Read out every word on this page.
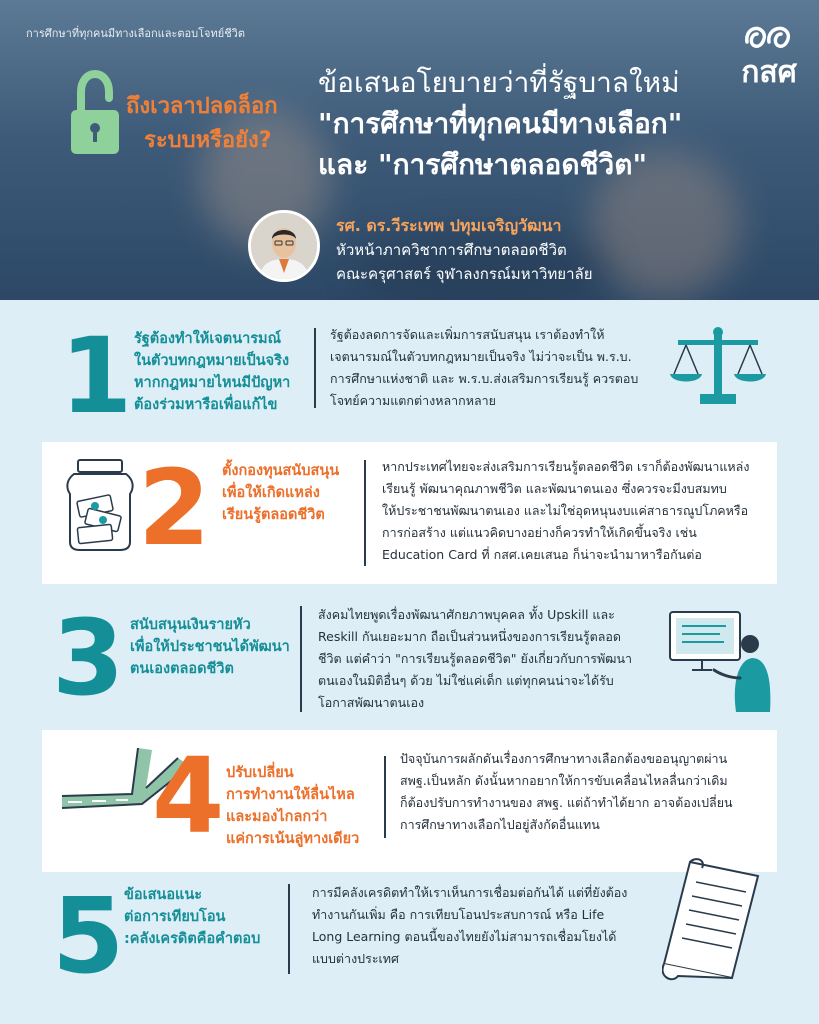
การศึกษาที่ทุกคนมีทางเลือกและตอบโจทย์ชีวิต
กสศ
ถึงเวลาปลดล็อก
ระบบหรือยัง?
ข้อเสนอโยบายว่าที่รัฐบาลใหม่
"การศึกษาที่ทุกคนมีทางเลือก"
และ "การศึกษาตลอดชีวิต"
รศ. ดร.วีระเทพ ปทุมเจริญวัฒนา
หัวหน้าภาควิชาการศึกษาตลอดชีวิต
คณะครุศาสตร์ จุฬาลงกรณ์มหาวิทยาลัย
1 รัฐต้องทำให้เจตนารมณ์
ในตัวบทกฎหมายเป็นจริง
หากกฎหมายไหนมีปัญหา
ต้องร่วมหารือเพื่อแก้ไข
รัฐต้องลดการจัดและเพิ่มการสนับสนุน เราต้องทำให้
เจตนารมณ์ในตัวบทกฎหมายเป็นจริง ไม่ว่าจะเป็น พ.ร.บ.
การศึกษาแห่งชาติ และ พ.ร.บ.ส่งเสริมการเรียนรู้ ควรตอบ
โจทย์ความแตกต่างหลากหลาย
2 ตั้งกองทุนสนับสนุน
เพื่อให้เกิดแหล่ง
เรียนรู้ตลอดชีวิต
หากประเทศไทยจะส่งเสริมการเรียนรู้ตลอดชีวิต เราก็ต้องพัฒนาแหล่ง
เรียนรู้ พัฒนาคุณภาพชีวิต และพัฒนาตนเอง ซึ่งควรจะมีงบสมทบ
ให้ประชาชนพัฒนาตนเอง และไม่ใช่อุดหนุนงบแค่สาธารณูปโภคหรือ
การก่อสร้าง แต่แนวคิดบางอย่างก็ควรทำให้เกิดขึ้นจริง เช่น
Education Card ที่ กสศ.เคยเสนอ ก็น่าจะนำมาหารือกันต่อ
3 สนับสนุนเงินรายหัว
เพื่อให้ประชาชนได้พัฒนา
ตนเองตลอดชีวิต
สังคมไทยพูดเรื่องพัฒนาศักยภาพบุคคล ทั้ง Upskill และ
Reskill กันเยอะมาก ถือเป็นส่วนหนึ่งของการเรียนรู้ตลอด
ชีวิต แต่คำว่า "การเรียนรู้ตลอดชีวิต" ยังเกี่ยวกับการพัฒนา
ตนเองในมิติอื่นๆ ด้วย ไม่ใช่แค่เด็ก แต่ทุกคนน่าจะได้รับ
โอกาสพัฒนาตนเอง
4 ปรับเปลี่ยน
การทำงานให้ลื่นไหล
และมองไกลกว่า
แค่การเน้นลู่ทางเดียว
ปัจจุบันการผลักดันเรื่องการศึกษาทางเลือกต้องขออนุญาตผ่าน
สพฐ.เป็นหลัก ดังนั้นหากอยากให้การขับเคลื่อนไหลลื่นกว่าเดิม
ก็ต้องปรับการทำงานของ สพฐ. แต่ถ้าทำได้ยาก อาจต้องเปลี่ยน
การศึกษาทางเลือกไปอยู่สังกัดอื่นแทน
5 ข้อเสนอแนะ
ต่อการเทียบโอน
:คลังเครดิตคือคำตอบ
การมีคลังเครดิตทำให้เราเห็นการเชื่อมต่อกันได้ แต่ที่ยังต้อง
ทำงานกันเพิ่ม คือ การเทียบโอนประสบการณ์ หรือ Life
Long Learning ตอนนี้ของไทยยังไม่สามารถเชื่อมโยงได้
แบบต่างประเทศ
